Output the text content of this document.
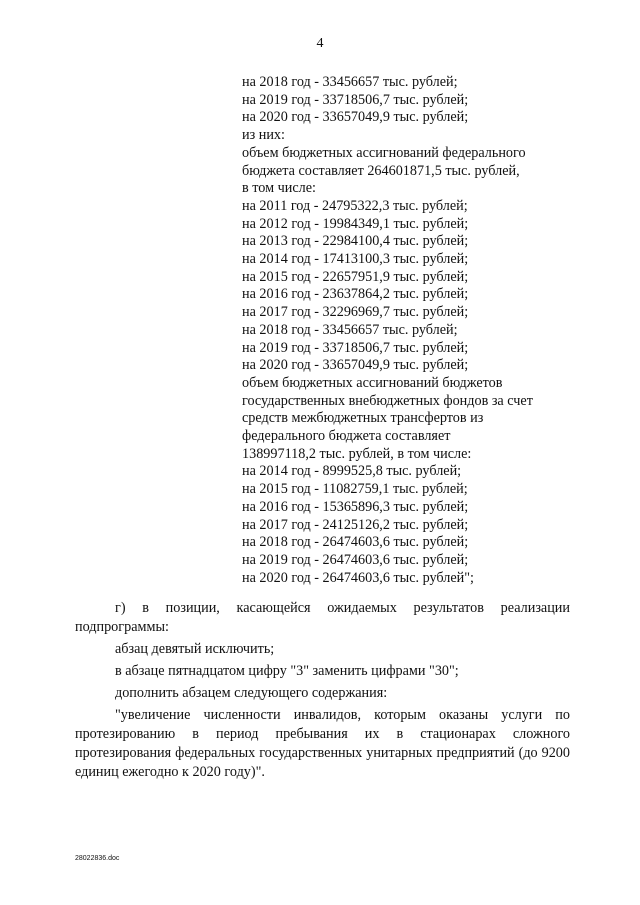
4
на 2018 год - 33456657 тыс. рублей;
на 2019 год - 33718506,7 тыс. рублей;
на 2020 год - 33657049,9 тыс. рублей;
из них:
объем бюджетных ассигнований федерального
бюджета составляет 264601871,5 тыс. рублей,
в том числе:
на 2011 год - 24795322,3 тыс. рублей;
на 2012 год - 19984349,1 тыс. рублей;
на 2013 год - 22984100,4 тыс. рублей;
на 2014 год - 17413100,3 тыс. рублей;
на 2015 год - 22657951,9 тыс. рублей;
на 2016 год - 23637864,2 тыс. рублей;
на 2017 год - 32296969,7 тыс. рублей;
на 2018 год - 33456657 тыс. рублей;
на 2019 год - 33718506,7 тыс. рублей;
на 2020 год - 33657049,9 тыс. рублей;
объем бюджетных ассигнований бюджетов
государственных внебюджетных фондов за счет
средств межбюджетных трансфертов из
федерального бюджета составляет
138997118,2 тыс. рублей, в том числе:
на 2014 год - 8999525,8 тыс. рублей;
на 2015 год - 11082759,1 тыс. рублей;
на 2016 год - 15365896,3 тыс. рублей;
на 2017 год - 24125126,2 тыс. рублей;
на 2018 год - 26474603,6 тыс. рублей;
на 2019 год - 26474603,6 тыс. рублей;
на 2020 год - 26474603,6 тыс. рублей";

г) в позиции, касающейся ожидаемых результатов реализации подпрограммы:

абзац девятый исключить;

в абзаце пятнадцатом цифру "3" заменить цифрами "30";

дополнить абзацем следующего содержания:

"увеличение численности инвалидов, которым оказаны услуги по протезированию в период пребывания их в стационарах сложного протезирования федеральных государственных унитарных предприятий (до 9200 единиц ежегодно к 2020 году)".

28022836.doc
